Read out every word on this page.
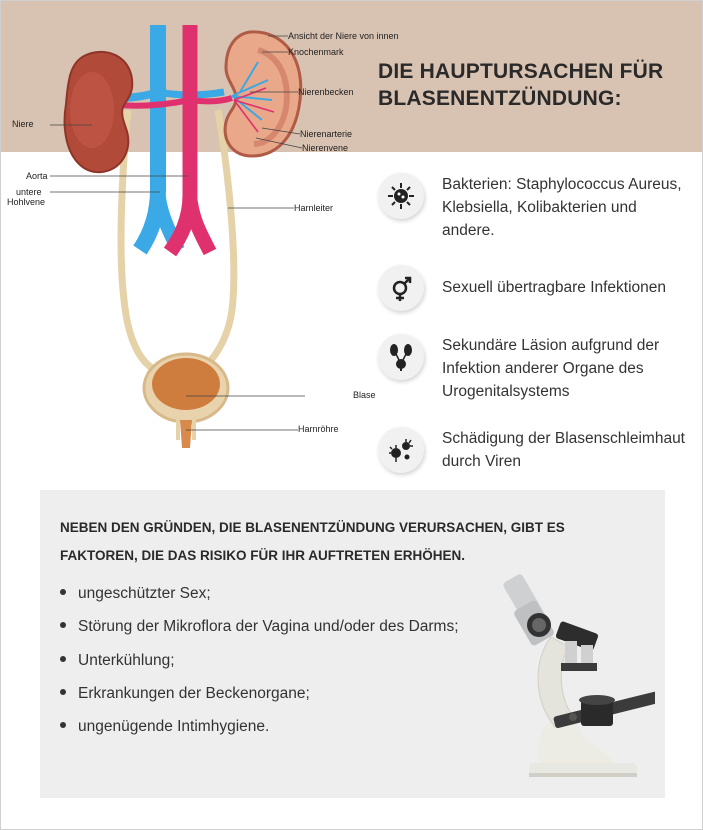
Ansicht der Niere von innen
Knochenmark
Nierenbecken
Nierenarterie
Nierenvene
Niere
Aorta
untere
Hohlvene
Harnleiter
Blase
Harnröhre
DIE HAUPTURSACHEN FÜR BLASENENTZÜNDUNG:
Bakterien: Staphylococcus Aureus, Klebsiella, Kolibakterien und andere.
Sexuell übertragbare Infektionen
Sekundäre Läsion aufgrund der Infektion anderer Organe des Urogenitalsystems
Schädigung der Blasenschleimhaut durch Viren
NEBEN DEN GRÜNDEN, DIE BLASENENTZÜNDUNG VERURSACHEN, GIBT ES FAKTOREN, DIE DAS RISIKO FÜR IHR AUFTRETEN ERHÖHEN.
ungeschützter Sex;
Störung der Mikroflora der Vagina und/oder des Darms;
Unterkühlung;
Erkrankungen der Beckenorgane;
ungenügende Intimhygiene.
